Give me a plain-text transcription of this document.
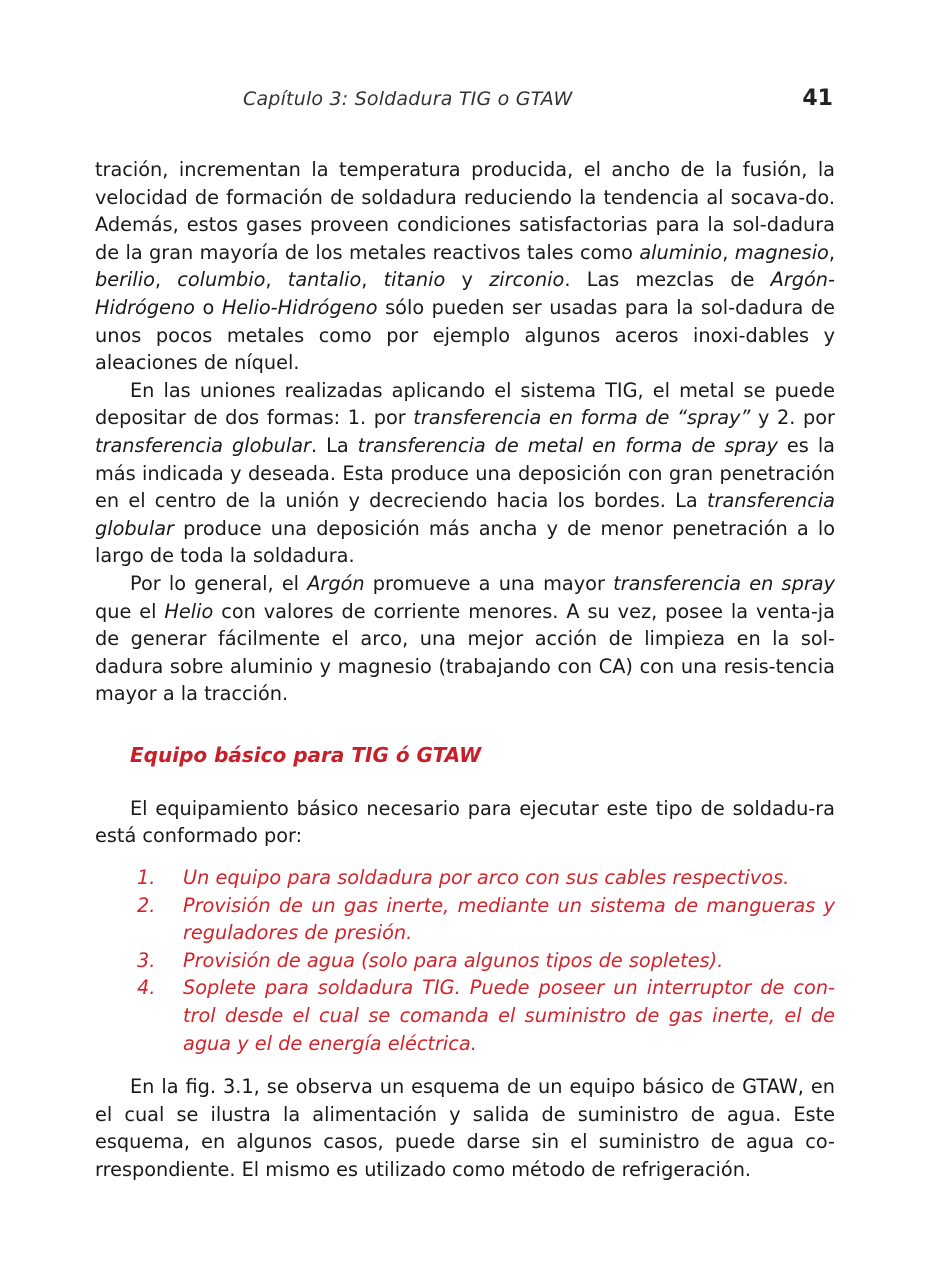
Capítulo 3: Soldadura TIG o GTAW	41

tración, incrementan la temperatura producida, el ancho de la fusión, la velocidad de formación de soldadura reduciendo la tendencia al socava-do. Además, estos gases proveen condiciones satisfactorias para la sol-dadura de la gran mayoría de los metales reactivos tales como aluminio, magnesio, berilio, columbio, tantalio, titanio y zirconio. Las mezclas de Argón-Hidrógeno o Helio-Hidrógeno sólo pueden ser usadas para la sol-dadura de unos pocos metales como por ejemplo algunos aceros inoxi-dables y aleaciones de níquel.

En las uniones realizadas aplicando el sistema TIG, el metal se puede depositar de dos formas: 1. por transferencia en forma de “spray” y 2. por transferencia globular. La transferencia de metal en forma de spray es la más indicada y deseada. Esta produce una deposición con gran penetración en el centro de la unión y decreciendo hacia los bordes. La transferencia globular produce una deposición más ancha y de menor penetración a lo largo de toda la soldadura.

Por lo general, el Argón promueve a una mayor transferencia en spray que el Helio con valores de corriente menores. A su vez, posee la venta-ja de generar fácilmente el arco, una mejor acción de limpieza en la sol-dadura sobre aluminio y magnesio (trabajando con CA) con una resis-tencia mayor a la tracción.

Equipo básico para TIG ó GTAW

El equipamiento básico necesario para ejecutar este tipo de soldadu-ra está conformado por:

1. Un equipo para soldadura por arco con sus cables respectivos.
2. Provisión de un gas inerte, mediante un sistema de mangueras y reguladores de presión.
3. Provisión de agua (solo para algunos tipos de sopletes).
4. Soplete para soldadura TIG. Puede poseer un interruptor de con-trol desde el cual se comanda el suministro de gas inerte, el de agua y el de energía eléctrica.

En la fig. 3.1, se observa un esquema de un equipo básico de GTAW, en el cual se ilustra la alimentación y salida de suministro de agua. Este esquema, en algunos casos, puede darse sin el suministro de agua co-rrespondiente. El mismo es utilizado como método de refrigeración.
